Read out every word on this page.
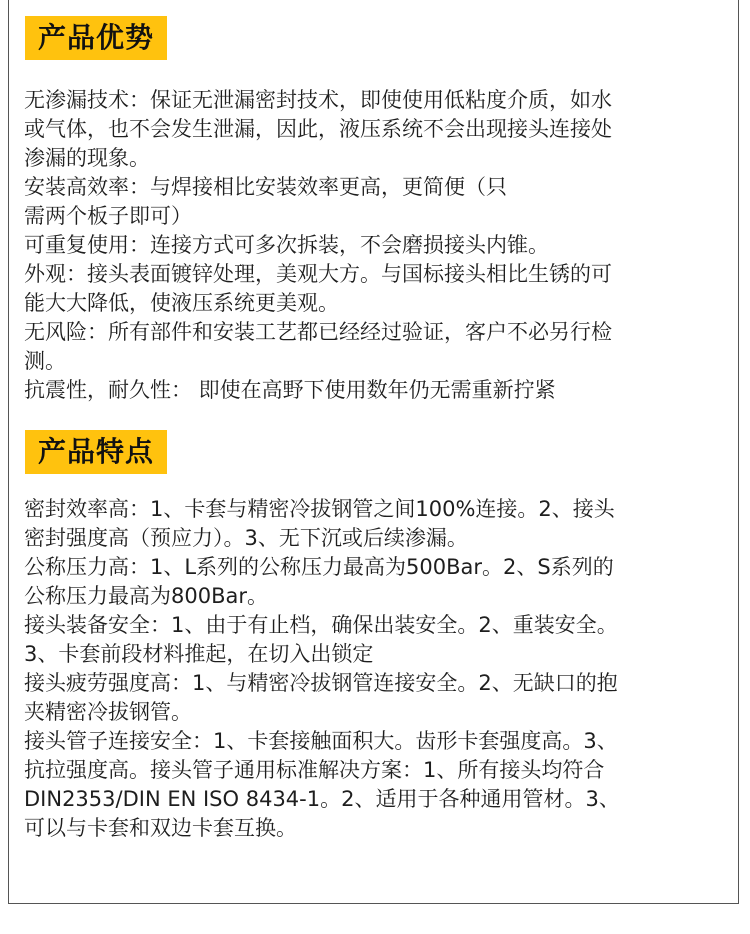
产品优势
无渗漏技术：保证无泄漏密封技术，即使使用低粘度介质，如水
或气体，也不会发生泄漏，因此，液压系统不会出现接头连接处
渗漏的现象。
安装高效率：与焊接相比安装效率更高，更简便（只
需两个板子即可）
可重复使用：连接方式可多次拆装，不会磨损接头内锥。
外观：接头表面镀锌处理，美观大方。与国标接头相比生锈的可
能大大降低，使液压系统更美观。
无风险：所有部件和安装工艺都已经经过验证，客户不必另行检
测。
抗震性，耐久性： 即使在高野下使用数年仍无需重新拧紧
产品特点
密封效率高：1、卡套与精密冷拔钢管之间100%连接。2、接头
密封强度高（预应力）。3、无下沉或后续渗漏。
公称压力高：1、L系列的公称压力最高为500Bar。2、S系列的
公称压力最高为800Bar。
接头装备安全：1、由于有止档，确保出装安全。2、重装安全。
3、卡套前段材料推起，在切入出锁定
接头疲劳强度高：1、与精密冷拔钢管连接安全。2、无缺口的抱
夹精密冷拔钢管。
接头管子连接安全：1、卡套接触面积大。齿形卡套强度高。3、
抗拉强度高。接头管子通用标准解决方案：1、所有接头均符合
DIN2353/DIN EN ISO 8434-1。2、适用于各种通用管材。3、
可以与卡套和双边卡套互换。
